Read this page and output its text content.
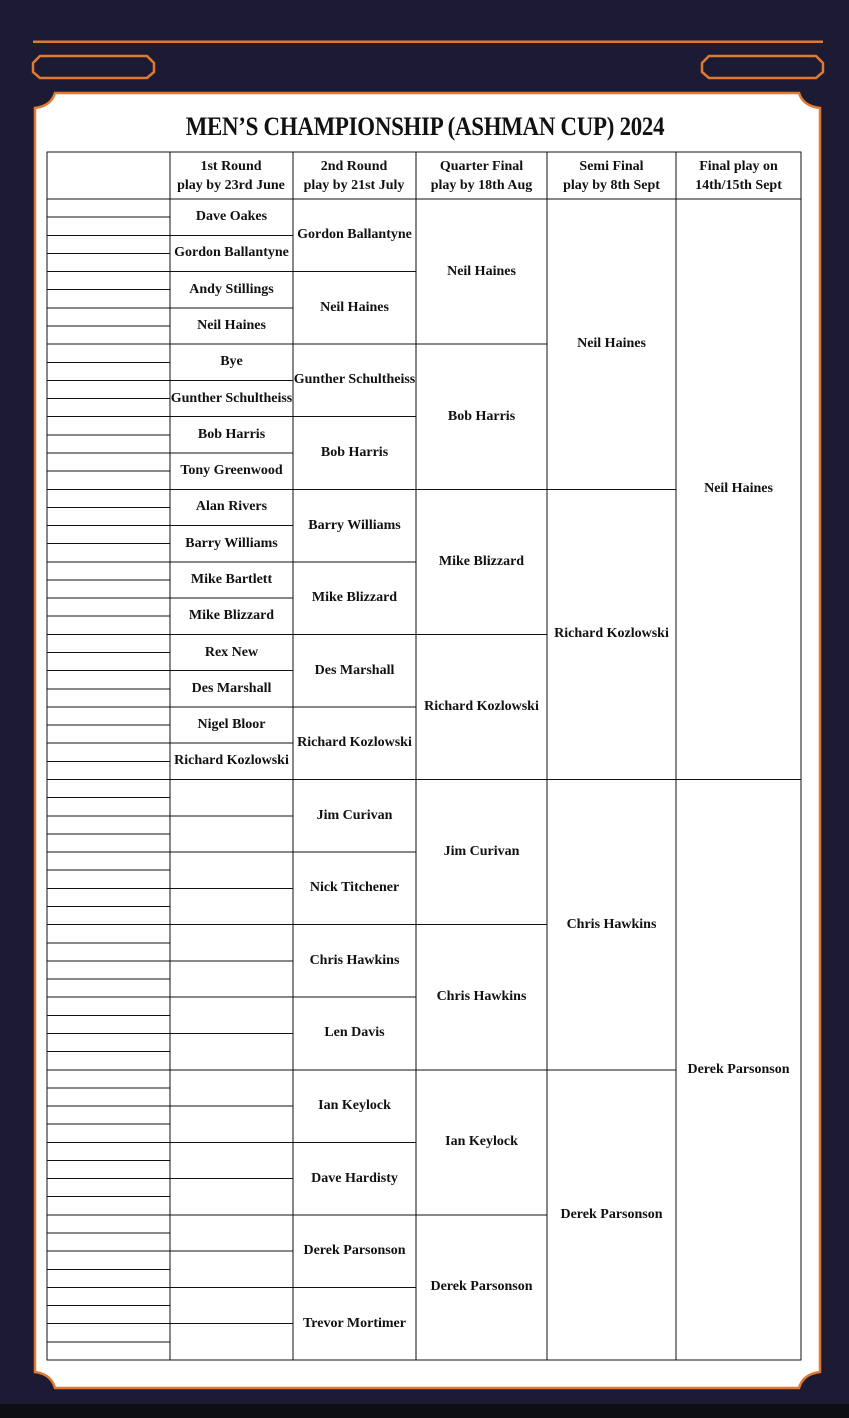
MEN’S CHAMPIONSHIP (ASHMAN CUP) 2024
1st Round
play by 23rd June
2nd Round
play by 21st July
Quarter Final
play by 18th Aug
Semi Final
play by 8th Sept
Final play on
14th/15th Sept
Dave Oakes
Gordon Ballantyne
Andy Stillings
Neil Haines
Bye
Gunther Schultheiss
Bob Harris
Tony Greenwood
Alan Rivers
Barry Williams
Mike Bartlett
Mike Blizzard
Rex New
Des Marshall
Nigel Bloor
Richard Kozlowski
Gordon Ballantyne
Neil Haines
Gunther Schultheiss
Bob Harris
Barry Williams
Mike Blizzard
Des Marshall
Richard Kozlowski
Jim Curivan
Nick Titchener
Chris Hawkins
Len Davis
Ian Keylock
Dave Hardisty
Derek Parsonson
Trevor Mortimer
Neil Haines
Bob Harris
Mike Blizzard
Richard Kozlowski
Jim Curivan
Chris Hawkins
Ian Keylock
Derek Parsonson
Neil Haines
Richard Kozlowski
Chris Hawkins
Derek Parsonson
Neil Haines
Derek Parsonson
